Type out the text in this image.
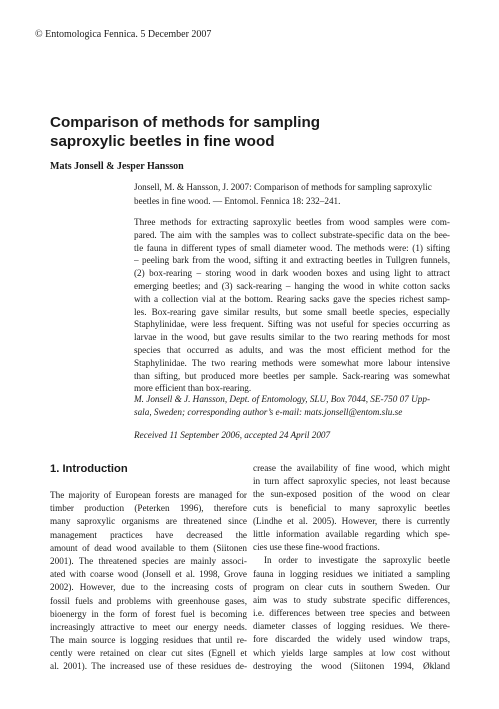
© Entomologica Fennica. 5 December 2007
Comparison of methods for sampling
saproxylic beetles in fine wood
Mats Jonsell & Jesper Hansson
Jonsell, M. & Hansson, J. 2007: Comparison of methods for sampling saproxylic
beetles in fine wood. — Entomol. Fennica 18: 232–241.
Three methods for extracting saproxylic beetles from wood samples were com-
pared. The aim with the samples was to collect substrate-specific data on the bee-
tle fauna in different types of small diameter wood. The methods were: (1) sifting
– peeling bark from the wood, sifting it and extracting beetles in Tullgren funnels,
(2) box-rearing – storing wood in dark wooden boxes and using light to attract
emerging beetles; and (3) sack-rearing – hanging the wood in white cotton sacks
with a collection vial at the bottom. Rearing sacks gave the species richest samp-
les. Box-rearing gave similar results, but some small beetle species, especially
Staphylinidae, were less frequent. Sifting was not useful for species occurring as
larvae in the wood, but gave results similar to the two rearing methods for most
species that occurred as adults, and was the most efficient method for the
Staphylinidae. The two rearing methods were somewhat more labour intensive
than sifting, but produced more beetles per sample. Sack-rearing was somewhat
more efficient than box-rearing.
M. Jonsell & J. Hansson, Dept. of Entomology, SLU, Box 7044, SE-750 07 Upp-
sala, Sweden; corresponding author’s e-mail: mats.jonsell@entom.slu.se
Received 11 September 2006, accepted 24 April 2007
1. Introduction
The majority of European forests are managed for
timber production (Peterken 1996), therefore
many saproxylic organisms are threatened since
management practices have decreased the
amount of dead wood available to them (Siitonen
2001). The threatened species are mainly associ-
ated with coarse wood (Jonsell et al. 1998, Grove
2002). However, due to the increasing costs of
fossil fuels and problems with greenhouse gases,
bioenergy in the form of forest fuel is becoming
increasingly attractive to meet our energy needs.
The main source is logging residues that until re-
cently were retained on clear cut sites (Egnell et
al. 2001). The increased use of these residues de-
crease the availability of fine wood, which might
in turn affect saproxylic species, not least because
the sun-exposed position of the wood on clear
cuts is beneficial to many saproxylic beetles
(Lindhe et al. 2005). However, there is currently
little information available regarding which spe-
cies use these fine-wood fractions.
In order to investigate the saproxylic beetle
fauna in logging residues we initiated a sampling
program on clear cuts in southern Sweden. Our
aim was to study substrate specific differences,
i.e. differences between tree species and between
diameter classes of logging residues. We there-
fore discarded the widely used window traps,
which yields large samples at low cost without
destroying the wood (Siitonen 1994, Økland
